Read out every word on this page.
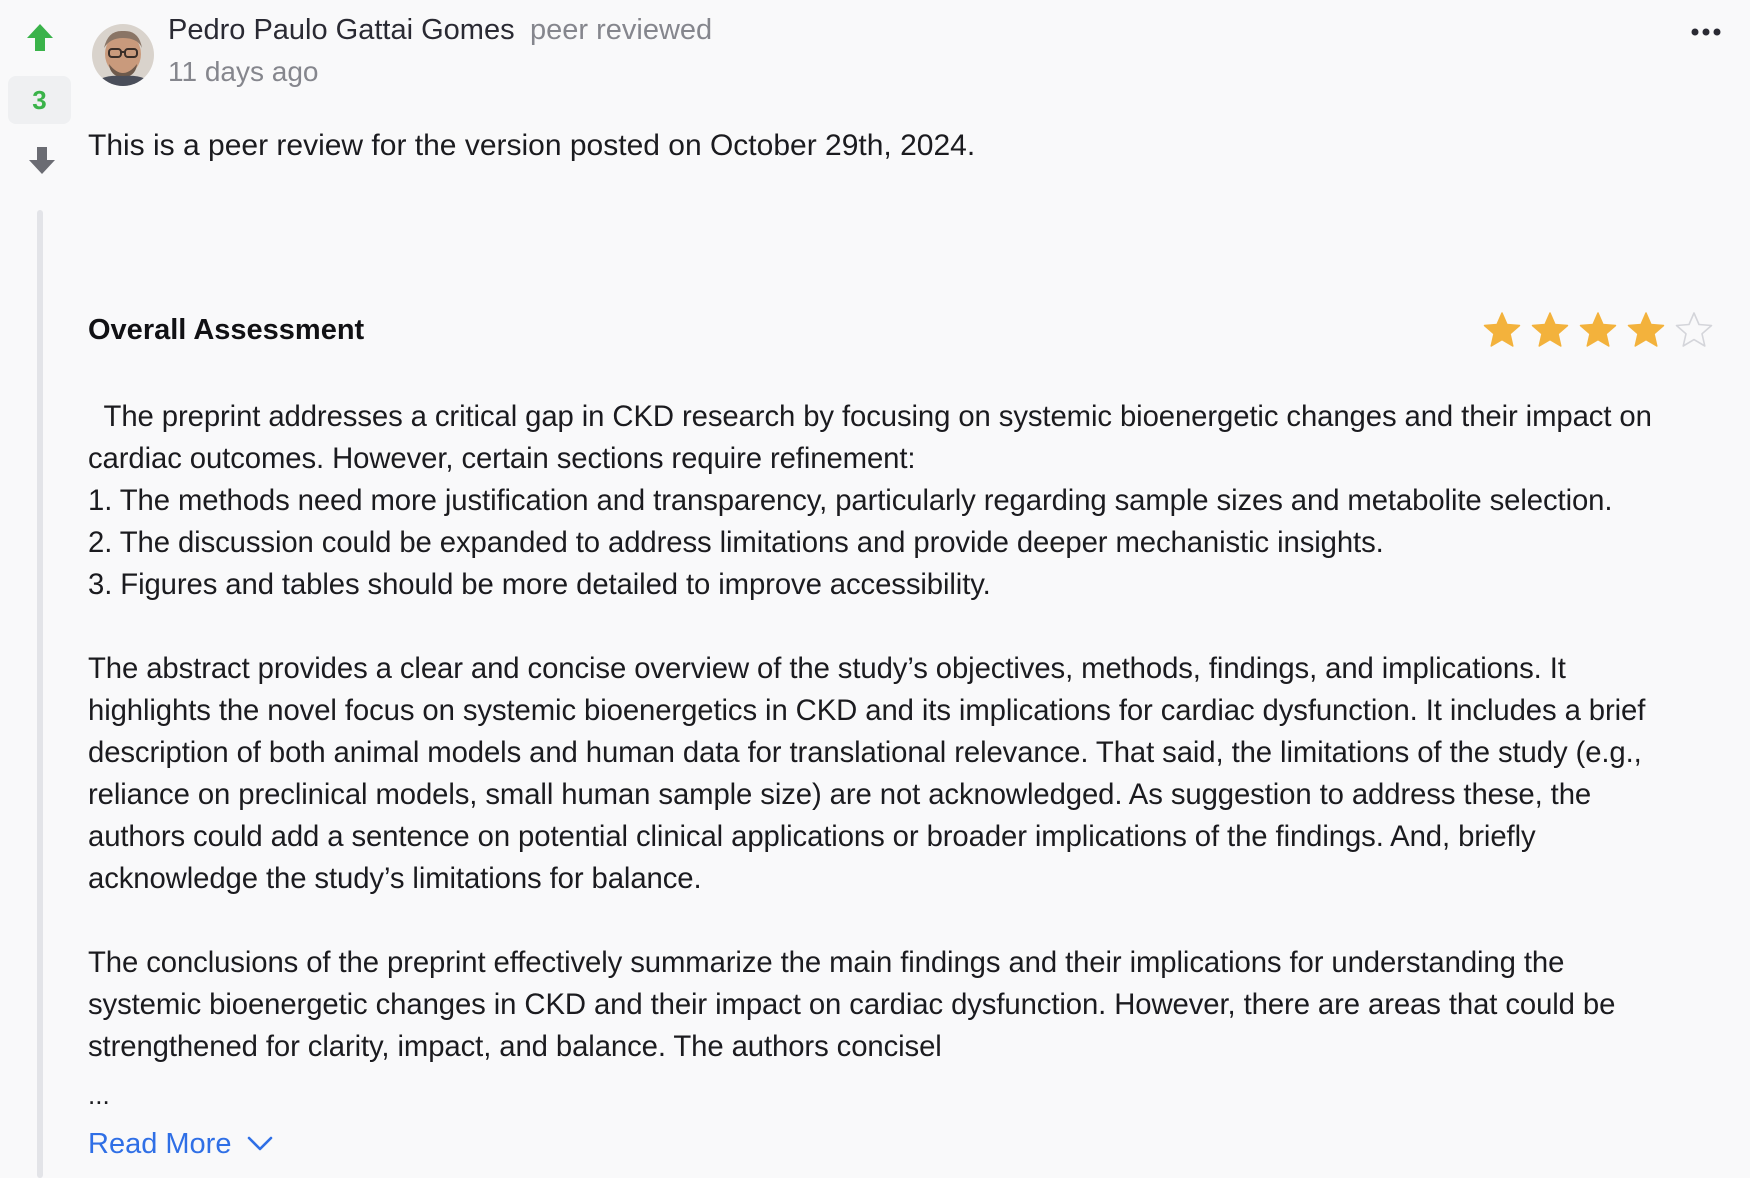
3
Pedro Paulo Gattai Gomes peer reviewed
11 days ago
This is a peer review for the version posted on October 29th, 2024.
Overall Assessment

The preprint addresses a critical gap in CKD research by focusing on systemic bioenergetic changes and their impact on

cardiac outcomes. However, certain sections require refinement:

1. The methods need more justification and transparency, particularly regarding sample sizes and metabolite selection.

2. The discussion could be expanded to address limitations and provide deeper mechanistic insights.

3. Figures and tables should be more detailed to improve accessibility.

The abstract provides a clear and concise overview of the study’s objectives, methods, findings, and implications. It

highlights the novel focus on systemic bioenergetics in CKD and its implications for cardiac dysfunction. It includes a brief

description of both animal models and human data for translational relevance. That said, the limitations of the study (e.g.,

reliance on preclinical models, small human sample size) are not acknowledged. As suggestion to address these, the

authors could add a sentence on potential clinical applications or broader implications of the findings. And, briefly

acknowledge the study’s limitations for balance.

The conclusions of the preprint effectively summarize the main findings and their implications for understanding the

systemic bioenergetic changes in CKD and their impact on cardiac dysfunction. However, there are areas that could be

strengthened for clarity, impact, and balance. The authors concisel

...
Read More
